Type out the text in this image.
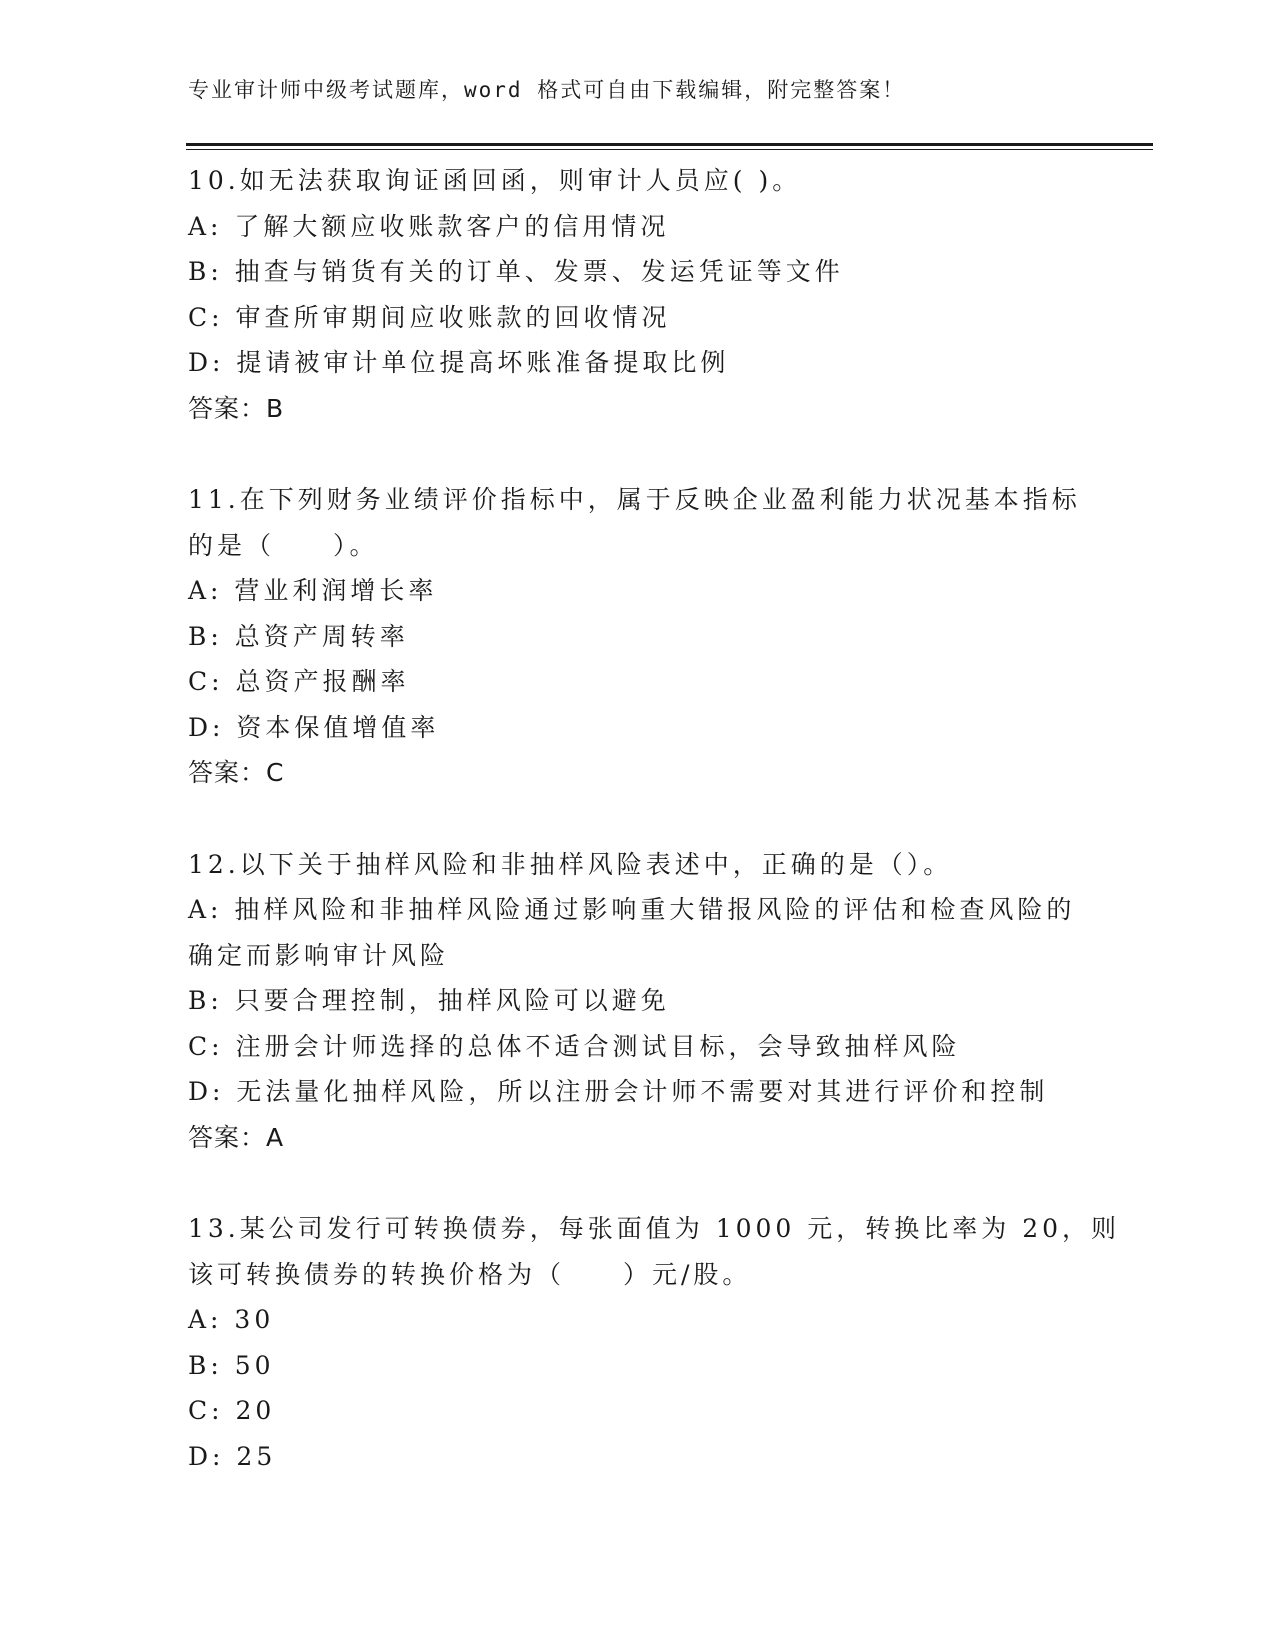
专业审计师中级考试题库，word 格式可自由下载编辑，附完整答案！
10.如无法获取询证函回函，则审计人员应( )。
A: 了解大额应收账款客户的信用情况
B: 抽查与销货有关的订单、发票、发运凭证等文件
C: 审查所审期间应收账款的回收情况
D: 提请被审计单位提高坏账准备提取比例
答案：B
11.在下列财务业绩评价指标中，属于反映企业盈利能力状况基本指标
的是（　　）。
A: 营业利润增长率
B: 总资产周转率
C: 总资产报酬率
D: 资本保值增值率
答案：C
12.以下关于抽样风险和非抽样风险表述中，正确的是（）。
A: 抽样风险和非抽样风险通过影响重大错报风险的评估和检查风险的
确定而影响审计风险
B: 只要合理控制，抽样风险可以避免
C: 注册会计师选择的总体不适合测试目标，会导致抽样风险
D: 无法量化抽样风险，所以注册会计师不需要对其进行评价和控制
答案：A
13.某公司发行可转换债券，每张面值为 1000 元，转换比率为 20，则
该可转换债券的转换价格为（　　）元/股。
A: 30
B: 50
C: 20
D: 25
